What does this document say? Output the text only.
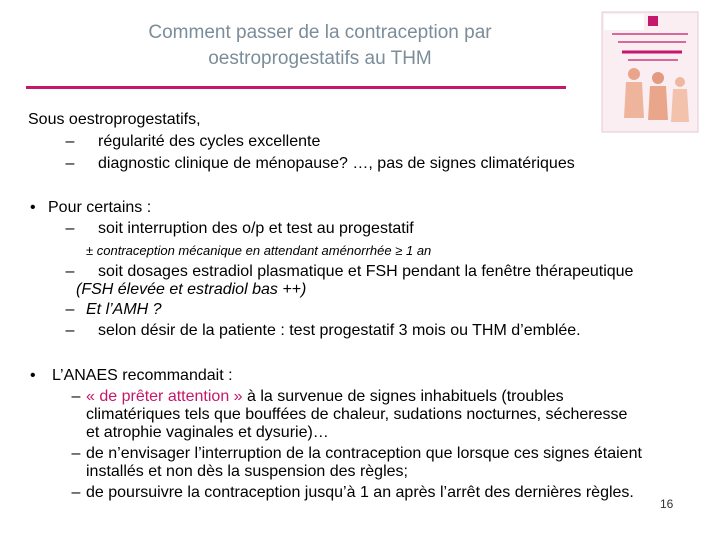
Comment passer de la contraception par
oestroprogestatifs au THM
Sous oestroprogestatifs,
–	régularité des cycles excellente
–	diagnostic clinique de ménopause? …, pas de signes climatériques
• Pour certains :
–	soit interruption des o/p et test au progestatif
± contraception mécanique en attendant aménorrhée ≥ 1 an
–	soit dosages estradiol plasmatique et FSH pendant la fenêtre thérapeutique
(FSH élevée et estradiol bas ++)
– Et l’AMH ?
–	selon désir de la patiente : test progestatif 3 mois ou THM d’emblée.
• L’ANAES recommandait :
– « de prêter attention » à la survenue de signes inhabituels (troubles
climatériques tels que bouffées de chaleur, sudations nocturnes, sécheresse
et atrophie vaginales et dysurie)…
– de n’envisager l’interruption de la contraception que lorsque ces signes étaient
installés et non dès la suspension des règles;
– de poursuivre la contraception jusqu’à 1 an après l’arrêt des dernières règles.
16
